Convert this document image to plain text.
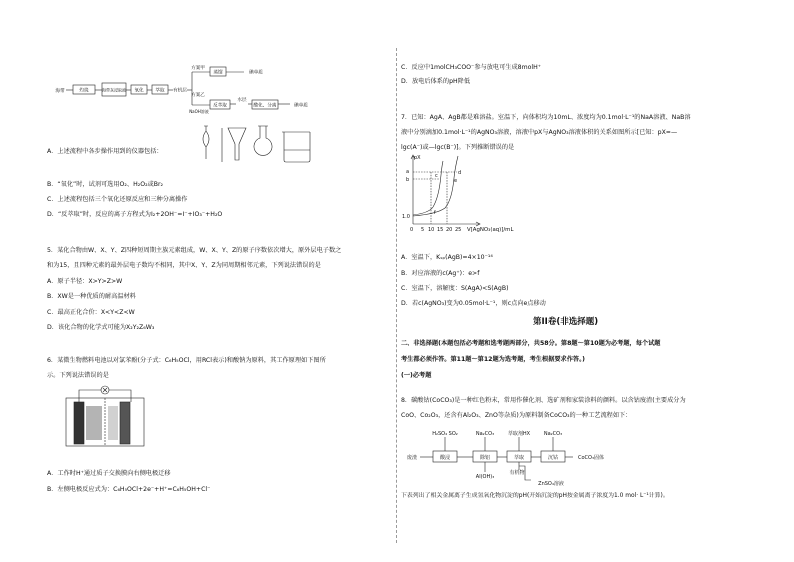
海带	灼烧	海带灰浸取液 氧化	萃取 有机层
方案甲
方案乙
NaOH溶液
蒸馏	碘单质
反萃取
水层
酸化、分离	碘单质
A．上述流程中各步操作用到的仪器包括：
B．“氧化”时，试剂可选用O₂、H₂O₂或Br₂
C．上述流程包括三个氧化还原反应和三种分离操作
D．“反萃取”时，反应的离子方程式为I₂+2OH⁻=I⁻+IO₃⁻+H₂O
5．某化合物由W、X、Y、Z四种短周期主族元素组成，W、X、Y、Z的原子序数依次增大，原外层电子数之
和为15，且四种元素的最外层电子数均不相同，其中X、Y、Z为同周期相邻元素，下列说法错误的是
A．原子半径：X>Y>Z>W
B．XW是一种优质的耐高温材料
C．最高正化合价：X<Y<Z<W
D．该化合物的化学式可能为X₂Y₂Z₆W₃
6．某微生物燃料电池以对氯苯酚(分子式：C₆H₅OCl，用RCl表示)和酸钠为原料，其工作原理如下图所
示。下列说法错误的是
A．工作时H⁺通过质子交换膜向右侧电极迁移
B．左侧电极反应式为：C₆H₅OCl+2e⁻+H⁺=C₆H₅OH+Cl⁻
C．反应中1molCH₃COO⁻参与放电可生成8molH⁺
D．放电后体系的pH降低
7．已知：AgA、AgB都是难溶盐。室温下，向体积均为10mL、浓度均为0.1mol·L⁻¹的NaA溶液、NaB溶
液中分别滴加0.1mol·L⁻¹的AgNO₃溶液，溶液中pX与AgNO₃溶液体积的关系如图所示[已知：pX=—
lgc(A⁻)或—lgc(B⁻)]。下列推断错误的是
pX
a
b
c	d
e
f
1.0
0 5 10 15 20 25 V[AgNO₃(aq)]/mL
A．室温下，Kₛₚ(AgB)=4×10⁻¹⁴
B．对应溶液的c(Ag⁺)：e>f
C．室温下，溶解度：S(AgA)<S(AgB)
D．若c(AgNO₃)变为0.05mol·L⁻¹，则c点向e点移动
第II卷(非选择题)
二、非选择题(本题包括必考题和选考题两部分，共58分。第8题～第10题为必考题，每个试题
考生都必须作答。第11题～第12题为选考题，考生根据要求作答。)
(一)必考题
8．碳酸钴(CoCO₃)是一种红色粉末，常用作催化剂、选矿剂和家装涂料的颜料。以含钴废渣(主要成分为
CoO、Co₂O₃，还含有Al₂O₃、ZnO等杂质)为原料制备CoCO₃的一种工艺流程如下：
H₂SO₄ SO₂	Na₂CO₃	萃取剂HX	Na₂CO₃
废渣	酸浸	除铝	萃取	沉钴	CoCO₃固体
Al(OH)₃
有机物
ZnSO₄溶液
下表列出了相关金属离子生成氢氧化物沉淀的pH(开始沉淀的pH按金属离子浓度为1.0 mol· L⁻¹计算)。
